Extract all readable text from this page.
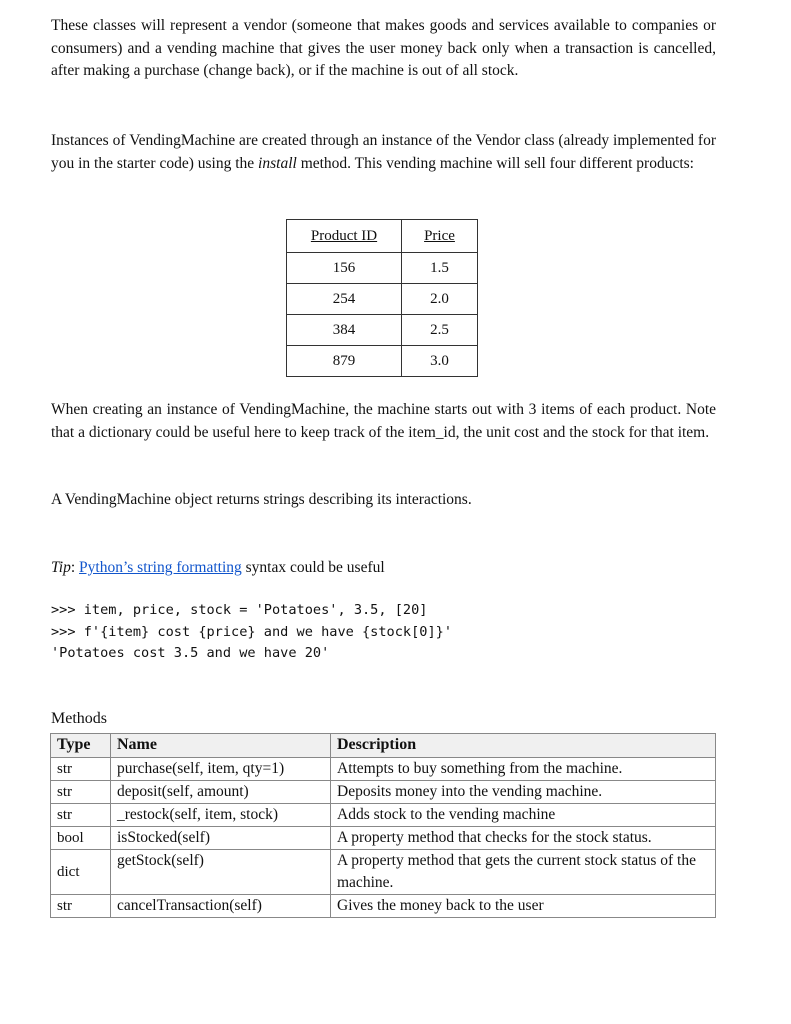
These classes will represent a vendor (someone that makes goods and services available to companies or consumers) and a vending machine that gives the user money back only when a transaction is cancelled, after making a purchase (change back), or if the machine is out of all stock.

Instances of VendingMachine are created through an instance of the Vendor class (already implemented for you in the starter code) using the install method. This vending machine will sell four different products:

Product ID	Price
156	1.5
254	2.0
384	2.5
879	3.0

When creating an instance of VendingMachine, the machine starts out with 3 items of each product. Note that a dictionary could be useful here to keep track of the item_id, the unit cost and the stock for that item.

A VendingMachine object returns strings describing its interactions.

Tip: Python’s string formatting syntax could be useful

>>> item, price, stock = 'Potatoes', 3.5, [20]
>>> f'{item} cost {price} and we have {stock[0]}'
'Potatoes cost 3.5 and we have 20'
Methods
Type	Name	Description
str	purchase(self, item, qty=1)	Attempts to buy something from the machine.
str	deposit(self, amount)	Deposits money into the vending machine.
str	_restock(self, item, stock)	Adds stock to the vending machine
bool	isStocked(self)	A property method that checks for the stock status.
dict	getStock(self)	A property method that gets the current stock status of the machine.
str	cancelTransaction(self)	Gives the money back to the user
